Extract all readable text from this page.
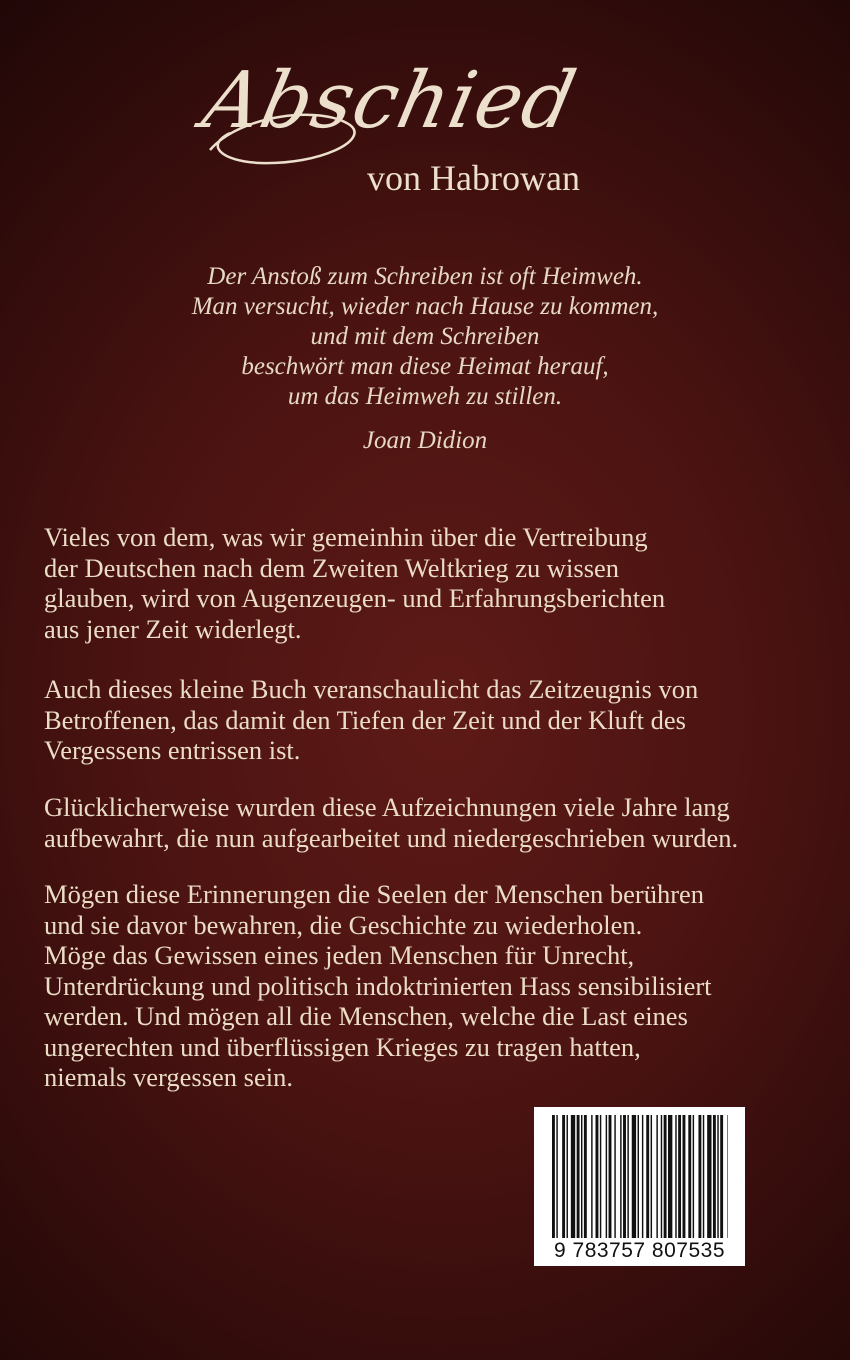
Abschied
von Habrowan
Der Anstoß zum Schreiben ist oft Heimweh.
Man versucht, wieder nach Hause zu kommen,
und mit dem Schreiben
beschwört man diese Heimat herauf,
um das Heimweh zu stillen.
Joan Didion
Vieles von dem, was wir gemeinhin über die Vertreibung
der Deutschen nach dem Zweiten Weltkrieg zu wissen
glauben, wird von Augenzeugen- und Erfahrungsberichten
aus jener Zeit widerlegt.
Auch dieses kleine Buch veranschaulicht das Zeitzeugnis von
Betroffenen, das damit den Tiefen der Zeit und der Kluft des
Vergessens entrissen ist.
Glücklicherweise wurden diese Aufzeichnungen viele Jahre lang
aufbewahrt, die nun aufgearbeitet und niedergeschrieben wurden.
Mögen diese Erinnerungen die Seelen der Menschen berühren
und sie davor bewahren, die Geschichte zu wiederholen.
Möge das Gewissen eines jeden Menschen für Unrecht,
Unterdrückung und politisch indoktrinierten Hass sensibilisiert
werden. Und mögen all die Menschen, welche die Last eines
ungerechten und überflüssigen Krieges zu tragen hatten,
niemals vergessen sein.
9 783757 807535
